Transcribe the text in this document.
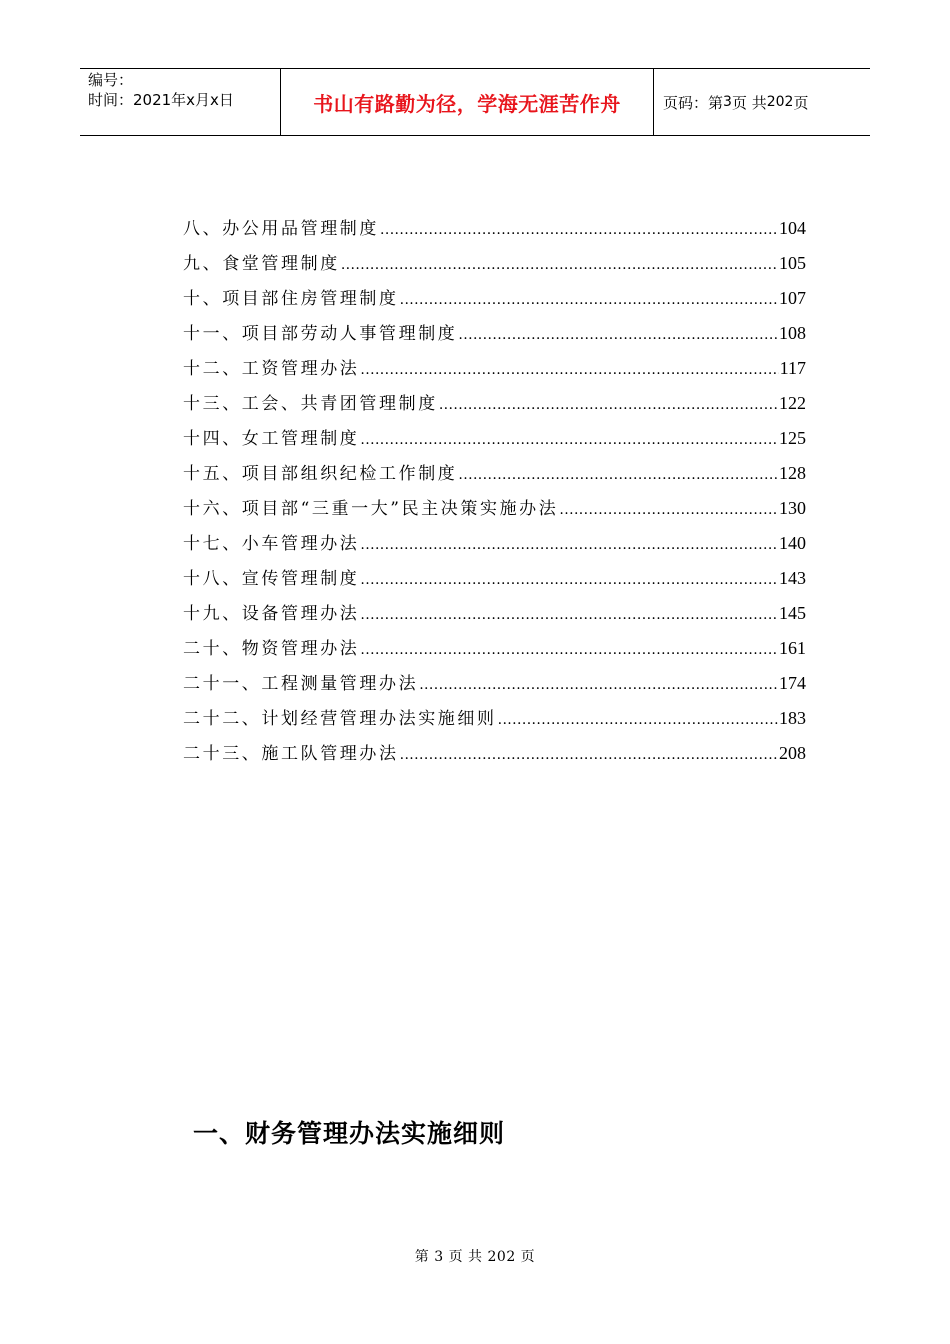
编号：
时间：2021年x月x日	书山有路勤为径，学海无涯苦作舟	页码：第 3 页 共 202 页
八、办公用品管理制度 .....	104
九、食堂管理制度 .....	105
十、项目部住房管理制度 .....	107
十一、项目部劳动人事管理制度 .....	108
十二、工资管理办法 .....	117
十三、工会、共青团管理制度 .....	122
十四、女工管理制度 .....	125
十五、项目部组织纪检工作制度 .....	128
十六、项目部“三重一大”民主决策实施办法 .....	130
十七、小车管理办法 .....	140
十八、宣传管理制度 .....	143
十九、设备管理办法 .....	145
二十、物资管理办法 .....	161
二十一、工程测量管理办法 .....	174
二十二、计划经营管理办法实施细则 .....	183
二十三、施工队管理办法 .....	208
一、财务管理办法实施细则
第 3 页 共 202 页
